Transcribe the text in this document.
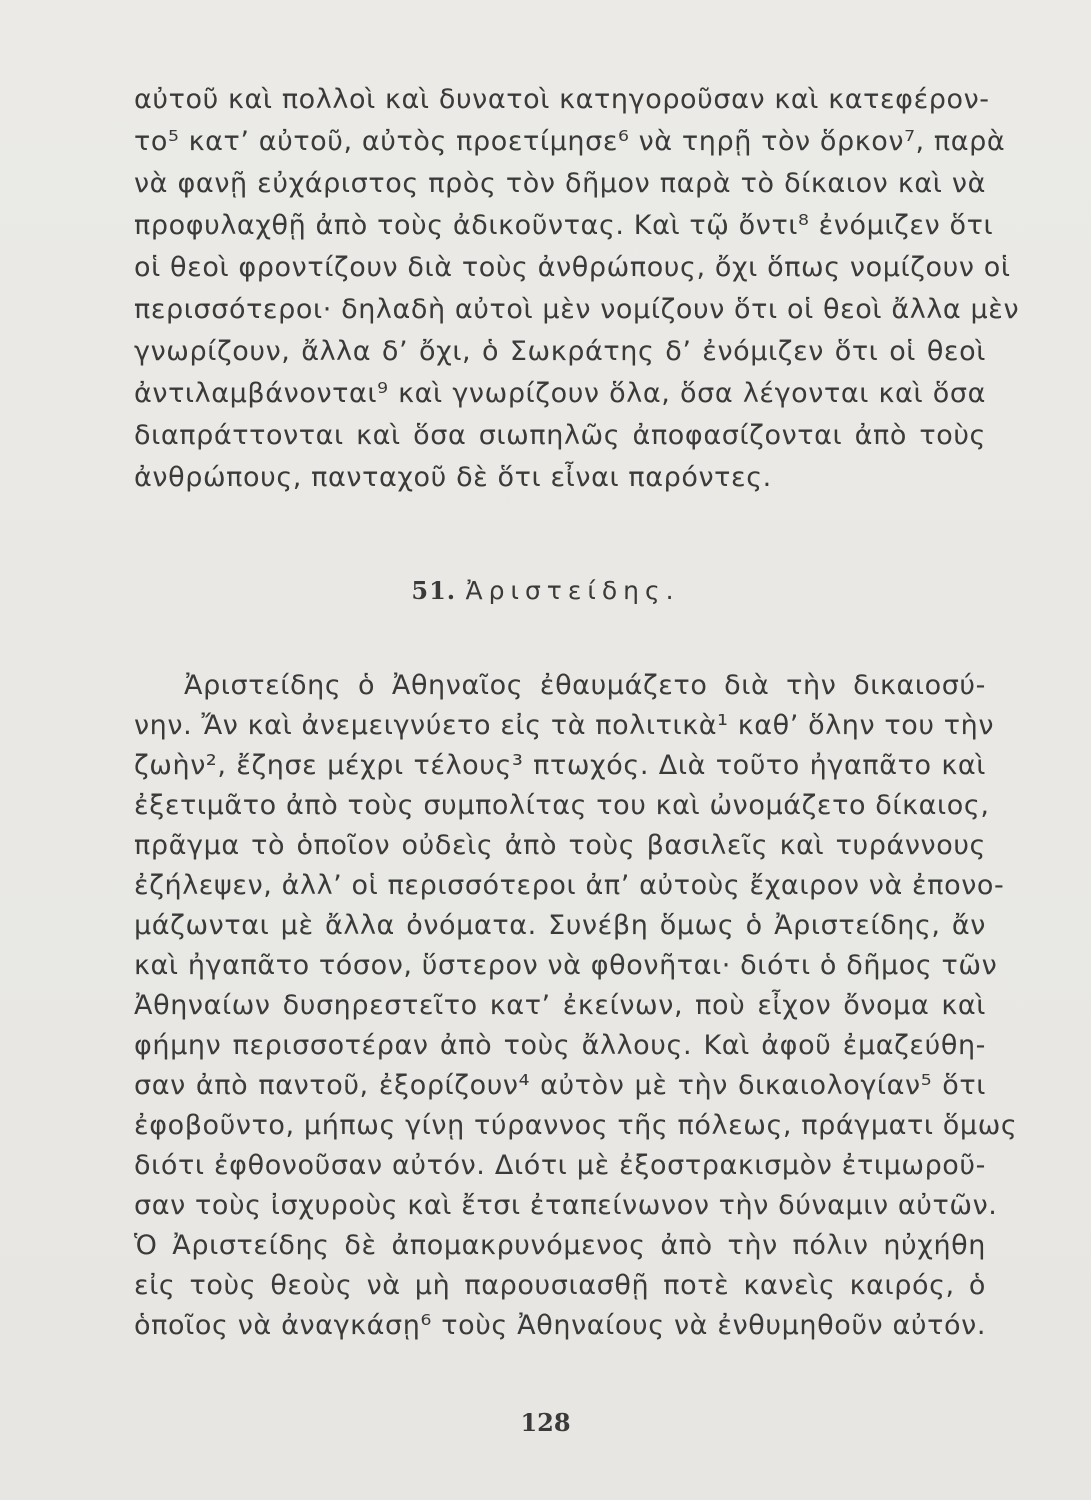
αὐτοῦ καὶ πολλοὶ καὶ δυνατοὶ κατηγοροῦσαν καὶ κατεφέρον-
το⁵ κατ’ αὐτοῦ, αὐτὸς προετίμησε⁶ νὰ τηρῇ τὸν ὅρκον⁷, παρὰ
νὰ φανῇ εὐχάριστος πρὸς τὸν δῆμον παρὰ τὸ δίκαιον καὶ νὰ
προφυλαχθῇ ἀπὸ τοὺς ἀδικοῦντας. Καὶ τῷ ὄντι⁸ ἐνόμιζεν ὅτι
οἱ θεοὶ φροντίζουν διὰ τοὺς ἀνθρώπους, ὄχι ὅπως νομίζουν οἱ
περισσότεροι· δηλαδὴ αὐτοὶ μὲν νομίζουν ὅτι οἱ θεοὶ ἄλλα μὲν
γνωρίζουν, ἄλλα δ’ ὄχι, ὁ Σωκράτης δ’ ἐνόμιζεν ὅτι οἱ θεοὶ
ἀντιλαμβάνονται⁹ καὶ γνωρίζουν ὅλα, ὅσα λέγονται καὶ ὅσα
διαπράττονται καὶ ὅσα σιωπηλῶς ἀποφασίζονται ἀπὸ τοὺς
ἀνθρώπους, πανταχοῦ δὲ ὅτι εἶναι παρόντες.
51. Ἀριστείδης.
Ἀριστείδης ὁ Ἀθηναῖος ἐθαυμάζετο διὰ τὴν δικαιοσύ-
νην. Ἄν καὶ ἀνεμειγνύετο εἰς τὰ πολιτικὰ¹ καθ’ ὅλην του τὴν
ζωὴν², ἔζησε μέχρι τέλους³ πτωχός. Διὰ τοῦτο ἠγαπᾶτο καὶ
ἐξετιμᾶτο ἀπὸ τοὺς συμπολίτας του καὶ ὠνομάζετο δίκαιος,
πρᾶγμα τὸ ὁποῖον οὐδεὶς ἀπὸ τοὺς βασιλεῖς καὶ τυράννους
ἐζήλεψεν, ἀλλ’ οἱ περισσότεροι ἀπ’ αὐτοὺς ἔχαιρον νὰ ἐπονο-
μάζωνται μὲ ἄλλα ὀνόματα. Συνέβη ὅμως ὁ Ἀριστείδης, ἄν
καὶ ἠγαπᾶτο τόσον, ὕστερον νὰ φθονῆται· διότι ὁ δῆμος τῶν
Ἀθηναίων δυσηρεστεῖτο κατ’ ἐκείνων, ποὺ εἶχον ὄνομα καὶ
φήμην περισσοτέραν ἀπὸ τοὺς ἄλλους. Καὶ ἀφοῦ ἐμαζεύθη-
σαν ἀπὸ παντοῦ, ἐξορίζουν⁴ αὐτὸν μὲ τὴν δικαιολογίαν⁵ ὅτι
ἐφοβοῦντο, μήπως γίνῃ τύραννος τῆς πόλεως, πράγματι ὅμως
διότι ἐφθονοῦσαν αὐτόν. Διότι μὲ ἐξοστρακισμὸν ἐτιμωροῦ-
σαν τοὺς ἰσχυροὺς καὶ ἔτσι ἐταπείνωνον τὴν δύναμιν αὐτῶν.
Ὁ Ἀριστείδης δὲ ἀπομακρυνόμενος ἀπὸ τὴν πόλιν ηὐχήθη
εἰς τοὺς θεοὺς νὰ μὴ παρουσιασθῇ ποτὲ κανεὶς καιρός, ὁ
ὁποῖος νὰ ἀναγκάσῃ⁶ τοὺς Ἀθηναίους νὰ ἐνθυμηθοῦν αὐτόν.
128
